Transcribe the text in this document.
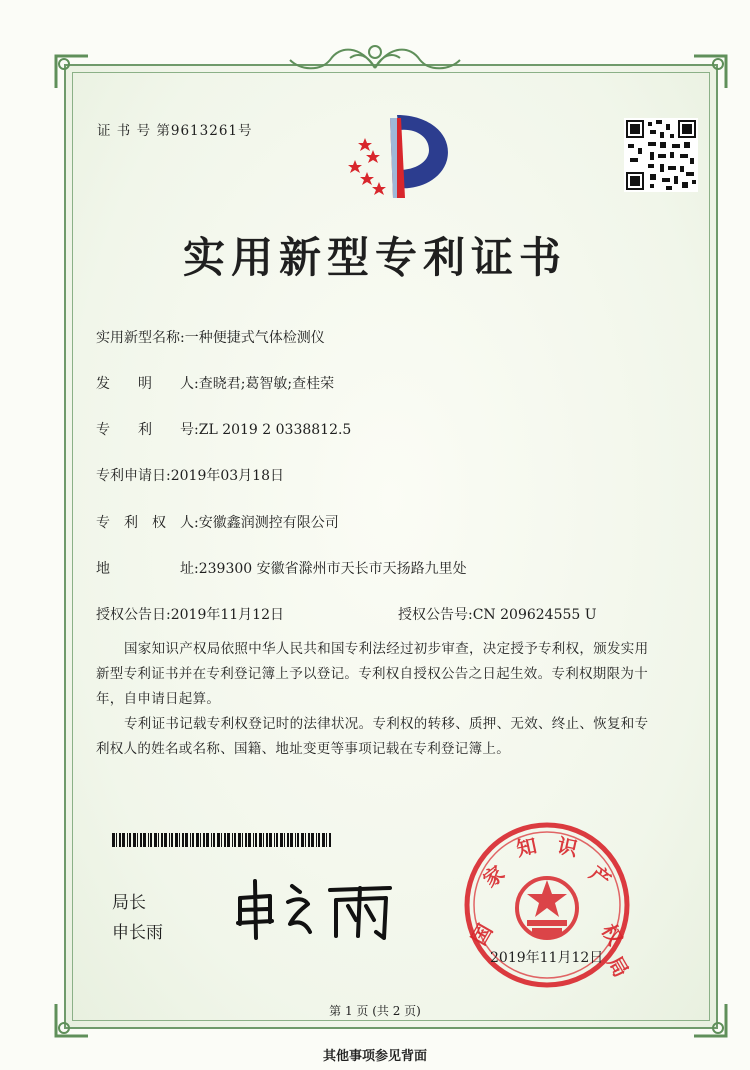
证 书 号 第9613261号
实用新型专利证书
实用新型名称:一种便捷式气体检测仪
发　　明　　人:查晓君;葛智敏;查桂荣
专　　利　　号:ZL 2019 2 0338812.5
专利申请日:2019年03月18日
专　利　权　人:安徽鑫润测控有限公司
地　　　　　址:239300 安徽省滁州市天长市天扬路九里处
授权公告日:2019年11月12日	授权公告号:CN 209624555 U
国家知识产权局依照中华人民共和国专利法经过初步审查，决定授予专利权，颁发实用
新型专利证书并在专利登记簿上予以登记。专利权自授权公告之日起生效。专利权期限为十
年，自申请日起算。
专利证书记载专利权登记时的法律状况。专利权的转移、质押、无效、终止、恢复和专
利权人的姓名或名称、国籍、地址变更等事项记载在专利登记簿上。
局长
申长雨	国
家
知 识
产
权
局
2019年11月12日
第 1 页 (共 2 页)
其他事项参见背面
